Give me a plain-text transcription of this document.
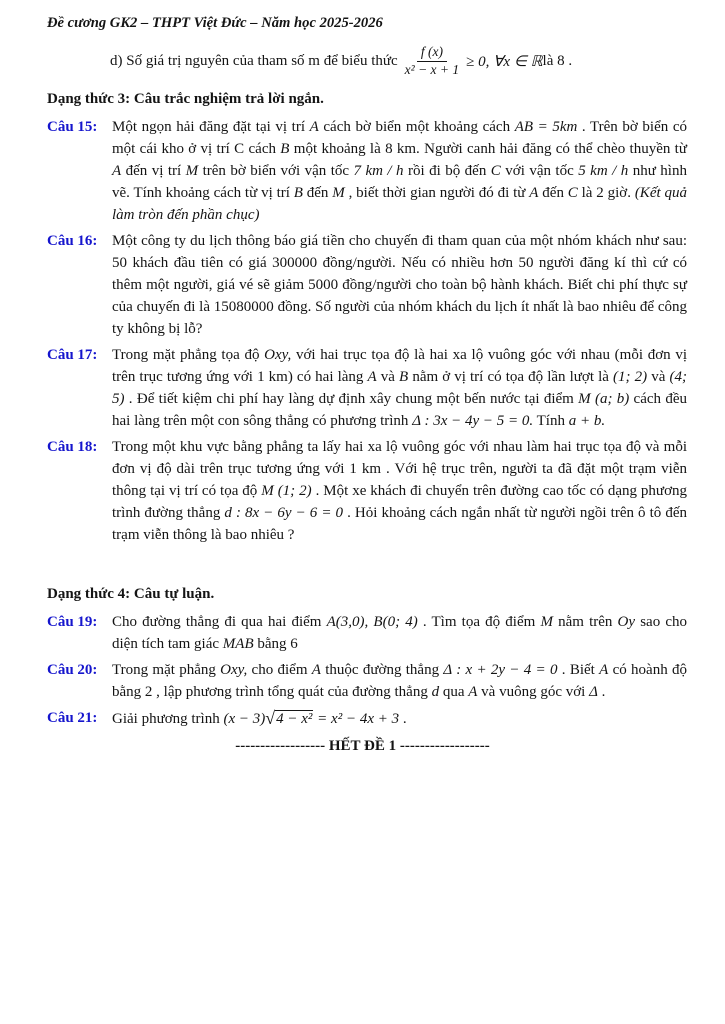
Đề cương GK2 – THPT Việt Đức – Năm học 2025-2026
d)
Số giá trị nguyên của tham số m để biểu thức $\frac{f (x)}{\text{x² − x + 1}} \ge 0$, ∀x ∈ ℝ là 8 .
Dạng thức 3: Câu trắc nghiệm trả lời ngắn.
Câu 15: Một ngọn hải đăng đặt tại vị trí A cách bờ biển một khoảng cách AB = 5km . Trên bờ biển có một cái kho ở vị trí C cách B một khoảng là 8 km. Người canh hải đăng có thể chèo thuyền từ A đến vị trí M trên bờ biển với vận tốc 7 km / h rồi đi bộ đến C với vận tốc 5 km / h như hình vẽ. Tính khoảng cách từ vị trí B đến M , biết thời gian người đó đi từ A đến C là 2 giờ. (Kết quả làm tròn đến phần chục)
Câu 16: Một công ty du lịch thông báo giá tiền cho chuyến đi tham quan của một nhóm khách như sau: 50 khách đầu tiên có giá 300000 đồng/người. Nếu có nhiều hơn 50 người đăng kí thì cứ có thêm một người, giá vé sẽ giảm 5000 đồng/người cho toàn bộ hành khách. Biết chi phí thực sự của chuyến đi là 15080000 đồng. Số người của nhóm khách du lịch ít nhất là bao nhiêu để công ty không bị lỗ?
Câu 17: Trong mặt phẳng tọa độ Oxy, với hai trục tọa độ là hai xa lộ vuông góc với nhau (mỗi đơn vị trên trục tương ứng với 1 km) có hai làng A và B nằm ở vị trí có tọa độ lần lượt là (1; 2) và (4; 5) . Để tiết kiệm chi phí hay làng dự định xây chung một bến nước tại điểm M (a; b) cách đều hai làng trên một con sông thẳng có phương trình Δ : 3x − 4y − 5 = 0. Tính a + b.
Câu 18: Trong một khu vực bằng phẳng ta lấy hai xa lộ vuông góc với nhau làm hai trục tọa độ và mỗi đơn vị độ dài trên trục tương ứng với 1 km . Với hệ trục trên, người ta đã đặt một trạm viễn thông tại vị trí có tọa độ M (1; 2) . Một xe khách đi chuyển trên đường cao tốc có dạng phương trình đường thẳng d : 8x − 6y − 6 = 0 . Hỏi khoảng cách ngắn nhất từ người ngồi trên ô tô đến trạm viễn thông là bao nhiêu ?
Dạng thức 4: Câu tự luận.
Câu 19: Cho đường thẳng đi qua hai điểm A(3,0), B(0; 4) . Tìm tọa độ điểm M nằm trên Oy sao cho diện tích tam giác MAB bằng 6
Câu 20: Trong mặt phẳng Oxy, cho điểm A thuộc đường thẳng Δ : x + 2y − 4 = 0 . Biết A có hoành độ bằng 2 , lập phương trình tổng quát của đường thẳng d qua A và vuông góc với Δ .
Câu 21: Giải phương trình (x − 3)√4 − x² = x² − 4x + 3 .
------------------ HẾT ĐỀ 1 ------------------
